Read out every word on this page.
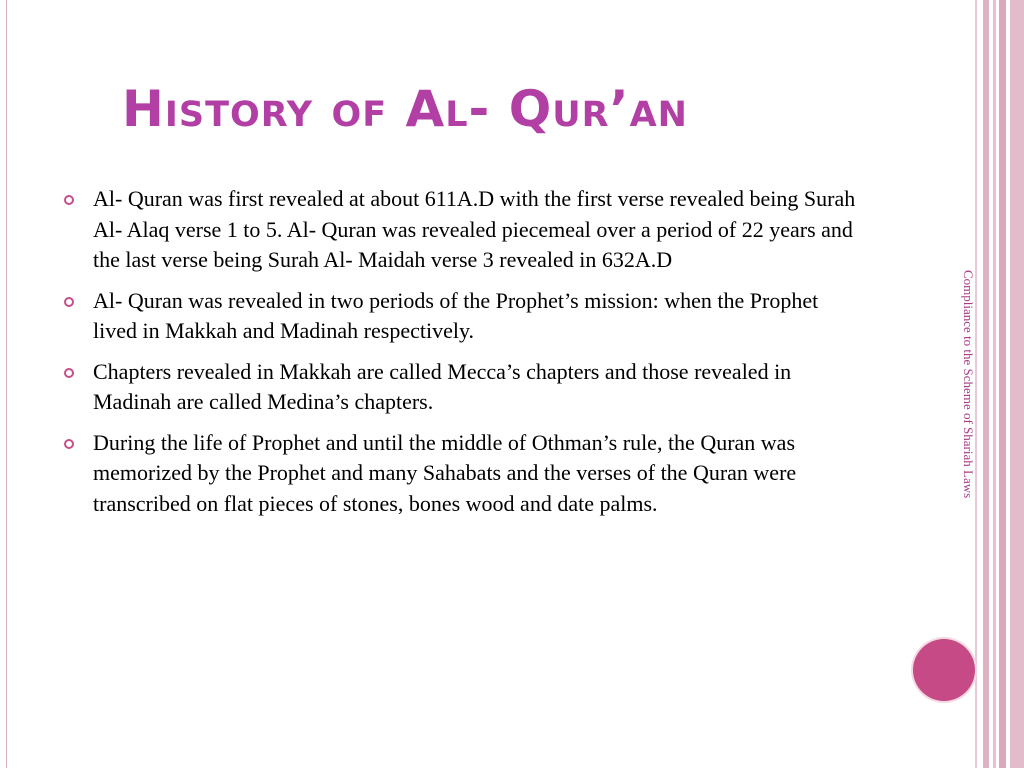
History of Al- Qur’an
Al- Quran was first revealed at about 611A.D with the first verse revealed being Surah Al- Alaq verse 1 to 5. Al- Quran was revealed piecemeal over a period of 22 years and the last verse being Surah Al- Maidah verse 3 revealed in 632A.D
Al- Quran was revealed in two periods of the Prophet’s mission: when the Prophet lived in Makkah and Madinah respectively.
Chapters revealed in Makkah are called Mecca’s chapters and those revealed in Madinah are called Medina’s chapters.
During the life of Prophet and until the middle of Othman’s rule, the Quran was memorized by the Prophet and many Sahabats and the verses of the Quran were transcribed on flat pieces of stones, bones wood and date palms.
Compliance to the Scheme of Shariah Laws
